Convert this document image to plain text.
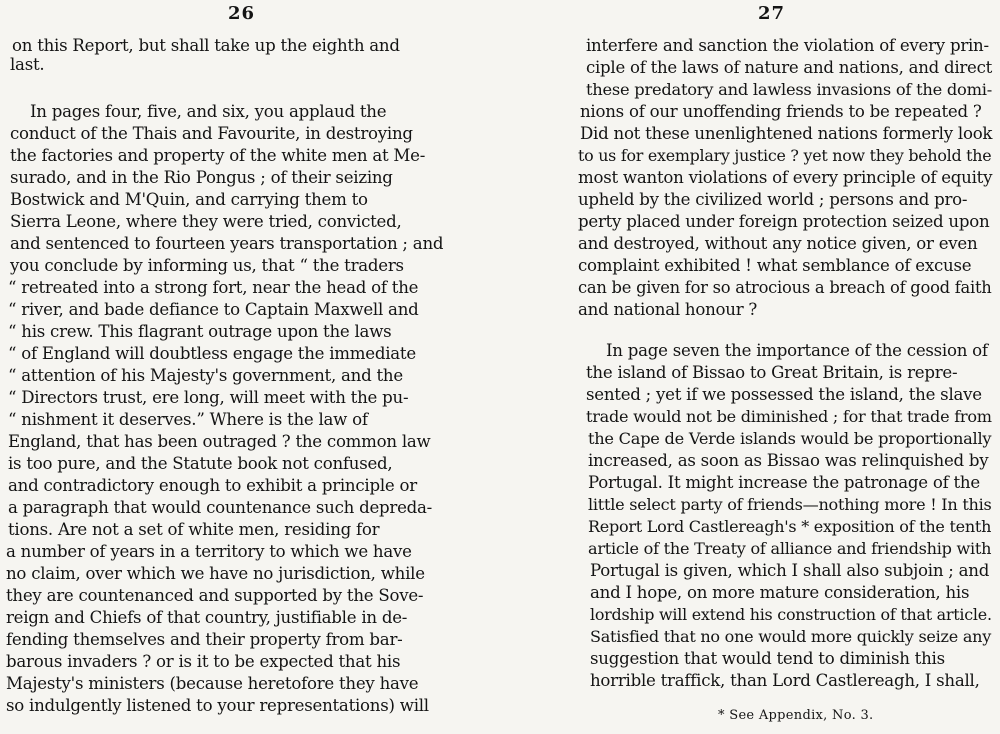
26
on this Report, but shall take up the eighth and
last.
In pages four, five, and six, you applaud the
conduct of the Thais and Favourite, in destroying
the factories and property of the white men at Me-
surado, and in the Rio Pongus ; of their seizing
Bostwick and M'Quin, and carrying them to
Sierra Leone, where they were tried, convicted,
and sentenced to fourteen years transportation ; and
you conclude by informing us, that “ the traders
“ retreated into a strong fort, near the head of the
“ river, and bade defiance to Captain Maxwell and
“ his crew. This flagrant outrage upon the laws
“ of England will doubtless engage the immediate
“ attention of his Majesty's government, and the
“ Directors trust, ere long, will meet with the pu-
“ nishment it deserves.” Where is the law of
England, that has been outraged ? the common law
is too pure, and the Statute book not confused,
and contradictory enough to exhibit a principle or
a paragraph that would countenance such depreda-
tions. Are not a set of white men, residing for
a number of years in a territory to which we have
no claim, over which we have no jurisdiction, while
they are countenanced and supported by the Sove-
reign and Chiefs of that country, justifiable in de-
fending themselves and their property from bar-
barous invaders ? or is it to be expected that his
Majesty's ministers (because heretofore they have
so indulgently listened to your representations) will
27
interfere and sanction the violation of every prin-
ciple of the laws of nature and nations, and direct
these predatory and lawless invasions of the domi-
nions of our unoffending friends to be repeated ?
Did not these unenlightened nations formerly look
to us for exemplary justice ? yet now they behold the
most wanton violations of every principle of equity
upheld by the civilized world ; persons and pro-
perty placed under foreign protection seized upon
and destroyed, without any notice given, or even
complaint exhibited ! what semblance of excuse
can be given for so atrocious a breach of good faith
and national honour ?
In page seven the importance of the cession of
the island of Bissao to Great Britain, is repre-
sented ; yet if we possessed the island, the slave
trade would not be diminished ; for that trade from
the Cape de Verde islands would be proportionally
increased, as soon as Bissao was relinquished by
Portugal. It might increase the patronage of the
little select party of friends—nothing more ! In this
Report Lord Castlereagh's * exposition of the tenth
article of the Treaty of alliance and friendship with
Portugal is given, which I shall also subjoin ; and
and I hope, on more mature consideration, his
lordship will extend his construction of that article.
Satisfied that no one would more quickly seize any
suggestion that would tend to diminish this
horrible traffick, than Lord Castlereagh, I shall,
* See Appendix, No. 3.
